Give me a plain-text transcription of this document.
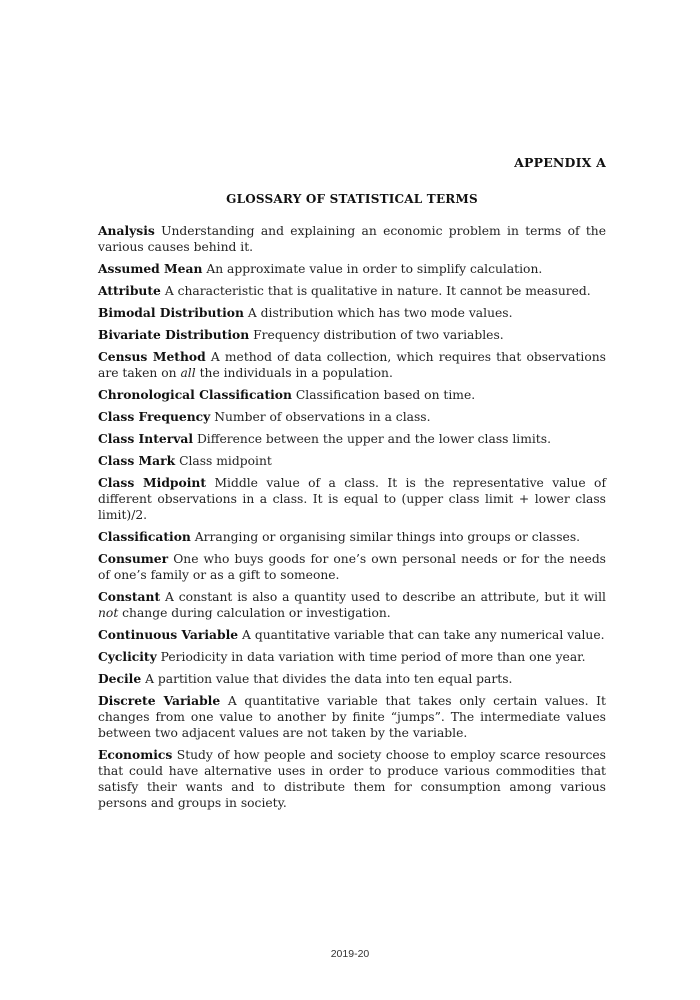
APPENDIX A
GLOSSARY OF STATISTICAL TERMS

Analysis Understanding and explaining an economic problem in terms of the various causes behind it.

Assumed Mean An approximate value in order to simplify calculation.

Attribute A characteristic that is qualitative in nature. It cannot be measured.

Bimodal Distribution A distribution which has two mode values.

Bivariate Distribution Frequency distribution of two variables.

Census Method A method of data collection, which requires that observations are taken on all the individuals in a population.

Chronological Classification Classification based on time.

Class Frequency Number of observations in a class.

Class Interval Difference between the upper and the lower class limits.

Class Mark Class midpoint

Class Midpoint Middle value of a class. It is the representative value of different observations in a class. It is equal to (upper class limit + lower class limit)/2.

Classification Arranging or organising similar things into groups or classes.

Consumer One who buys goods for one’s own personal needs or for the needs of one’s family or as a gift to someone.

Constant A constant is also a quantity used to describe an attribute, but it will not change during calculation or investigation.

Continuous Variable A quantitative variable that can take any numerical value.

Cyclicity Periodicity in data variation with time period of more than one year.

Decile A partition value that divides the data into ten equal parts.

Discrete Variable A quantitative variable that takes only certain values. It changes from one value to another by finite “jumps”. The intermediate values between two adjacent values are not taken by the variable.

Economics Study of how people and society choose to employ scarce resources that could have alternative uses in order to produce various commodities that satisfy their wants and to distribute them for consumption among various persons and groups in society.

2019-20
